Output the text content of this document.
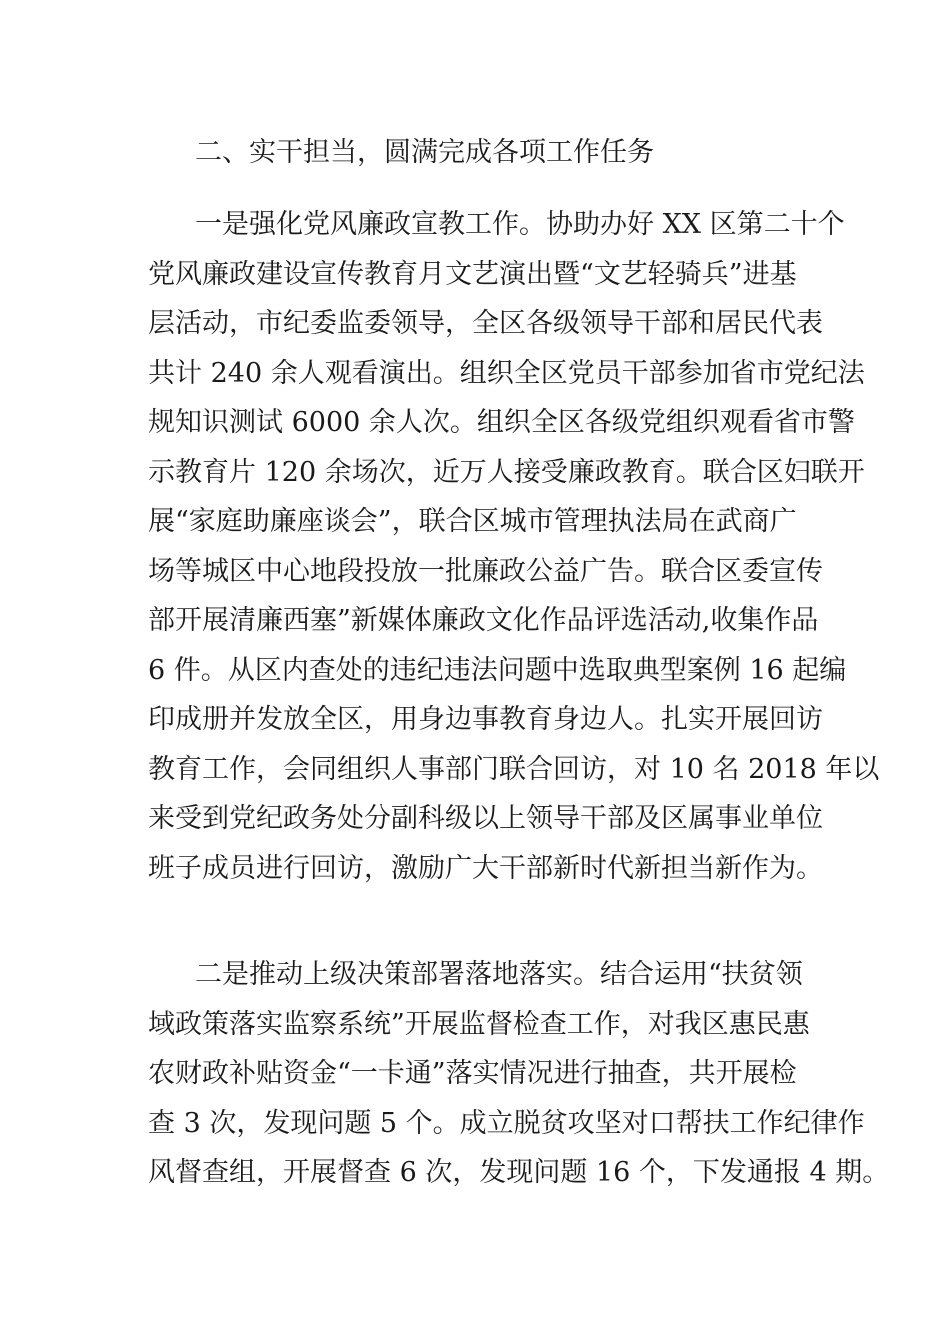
二、实干担当，圆满完成各项工作任务
一是强化党风廉政宣教工作。协助办好 XX 区第二十个
党风廉政建设宣传教育月文艺演出暨“文艺轻骑兵”进基
层活动，市纪委监委领导，全区各级领导干部和居民代表
共计 240 余人观看演出。组织全区党员干部参加省市党纪法
规知识测试 6000 余人次。组织全区各级党组织观看省市警
示教育片 120 余场次，近万人接受廉政教育。联合区妇联开
展“家庭助廉座谈会”，联合区城市管理执法局在武商广
场等城区中心地段投放一批廉政公益广告。联合区委宣传
部开展清廉西塞”新媒体廉政文化作品评选活动,收集作品
6 件。从区内查处的违纪违法问题中选取典型案例 16 起编
印成册并发放全区，用身边事教育身边人。扎实开展回访
教育工作，会同组织人事部门联合回访，对 10 名 2018 年以
来受到党纪政务处分副科级以上领导干部及区属事业单位
班子成员进行回访，激励广大干部新时代新担当新作为。
二是推动上级决策部署落地落实。结合运用“扶贫领
域政策落实监察系统”开展监督检查工作，对我区惠民惠
农财政补贴资金“一卡通”落实情况进行抽查，共开展检
查 3 次，发现问题 5 个。成立脱贫攻坚对口帮扶工作纪律作
风督查组，开展督查 6 次，发现问题 16 个，下发通报 4 期。
